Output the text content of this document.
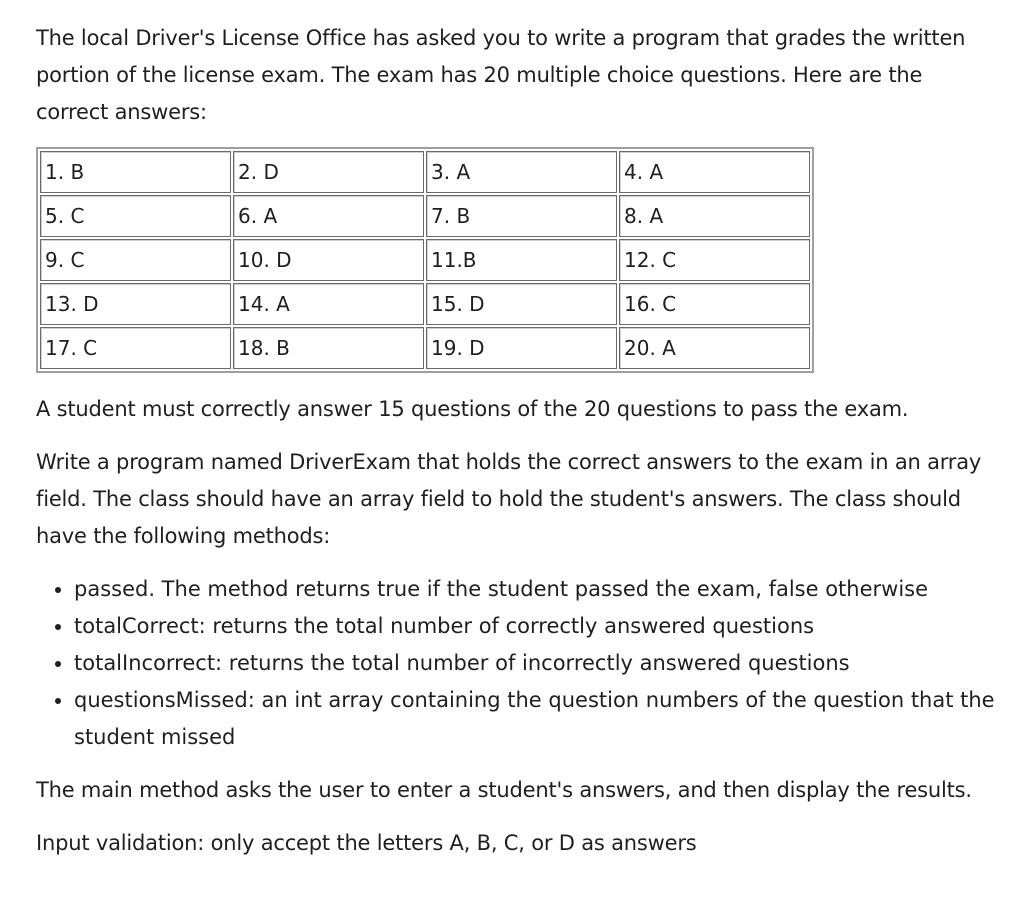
The local Driver's License Office has asked you to write a program that grades the written portion of the license exam. The exam has 20 multiple choice questions. Here are the correct answers:

1. B	2. D	3. A	4. A
5. C	6. A	7. B	8. A
9. C	10. D	11.B	12. C
13. D	14. A	15. D	16. C
17. C	18. B	19. D	20. A

A student must correctly answer 15 questions of the 20 questions to pass the exam.

Write a program named DriverExam that holds the correct answers to the exam in an array field. The class should have an array field to hold the student's answers. The class should have the following methods:

• passed. The method returns true if the student passed the exam, false otherwise
• totalCorrect: returns the total number of correctly answered questions
• totalIncorrect: returns the total number of incorrectly answered questions
• questionsMissed: an int array containing the question numbers of the question that the student missed

The main method asks the user to enter a student's answers, and then display the results.

Input validation: only accept the letters A, B, C, or D as answers
